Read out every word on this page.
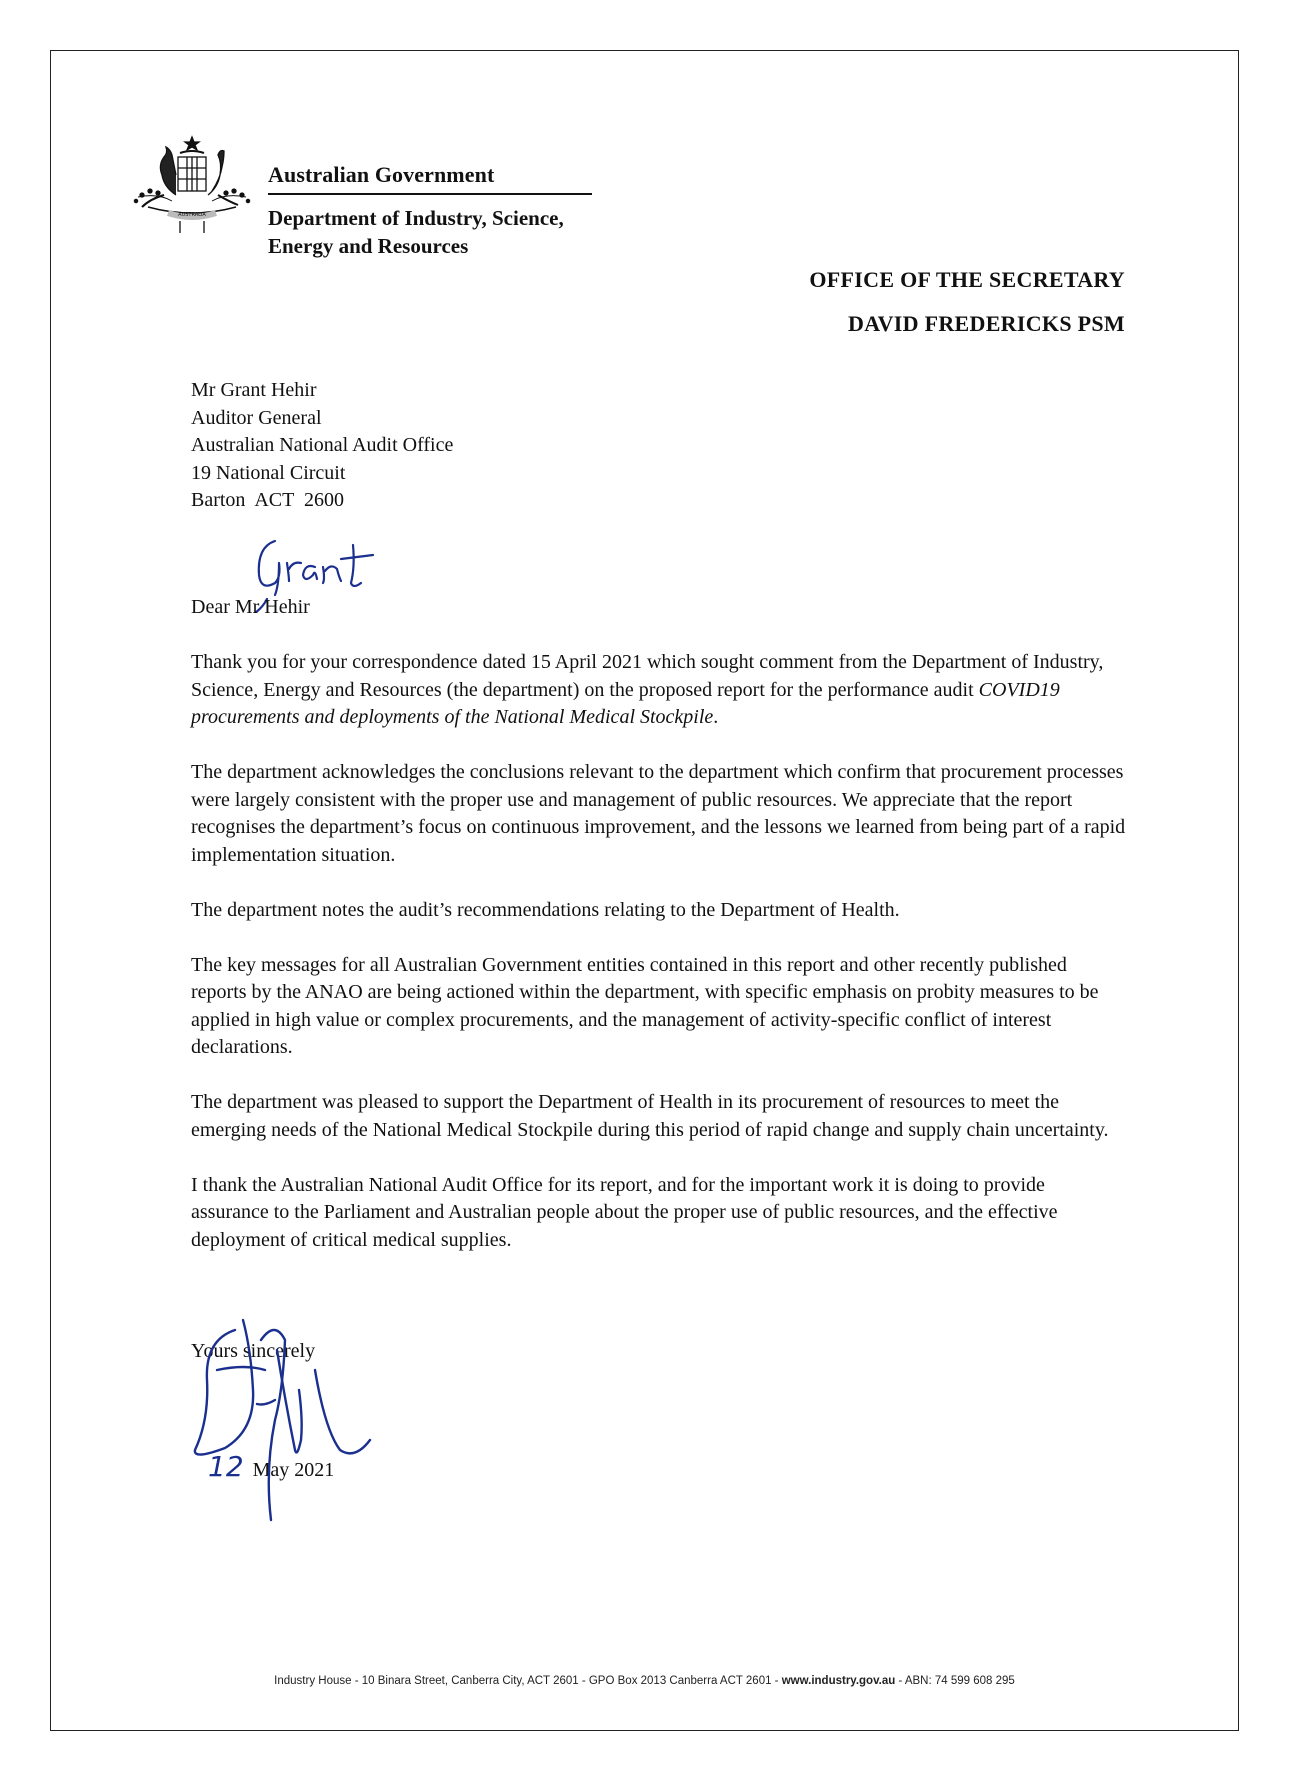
AUSTRALIA
Australian Government
Department of Industry, Science,
Energy and Resources
OFFICE OF THE SECRETARY
DAVID FREDERICKS PSM
Mr Grant Hehir
Auditor General
Australian National Audit Office
19 National Circuit
Barton  ACT  2600
Dear Mr Hehir

Thank you for your correspondence dated 15 April 2021 which sought comment from the Department of Industry, Science, Energy and Resources (the department) on the proposed report for the performance audit COVID19 procurements and deployments of the National Medical Stockpile.

The department acknowledges the conclusions relevant to the department which confirm that procurement processes were largely consistent with the proper use and management of public resources. We appreciate that the report recognises the department’s focus on continuous improvement, and the lessons we learned from being part of a rapid implementation situation.

The department notes the audit’s recommendations relating to the Department of Health.

The key messages for all Australian Government entities contained in this report and other recently published reports by the ANAO are being actioned within the department, with specific emphasis on probity measures to be applied in high value or complex procurements, and the management of activity-specific conflict of interest declarations.

The department was pleased to support the Department of Health in its procurement of resources to meet the emerging needs of the National Medical Stockpile during this period of rapid change and supply chain uncertainty.

I thank the Australian National Audit Office for its report, and for the important work it is doing to provide assurance to the Parliament and Australian people about the proper use of public resources, and the effective deployment of critical medical supplies.

Yours sincerely
12 May 2021
Industry House - 10 Binara Street, Canberra City, ACT 2601 - GPO Box 2013 Canberra ACT 2601 - www.industry.gov.au - ABN: 74 599 608 295
